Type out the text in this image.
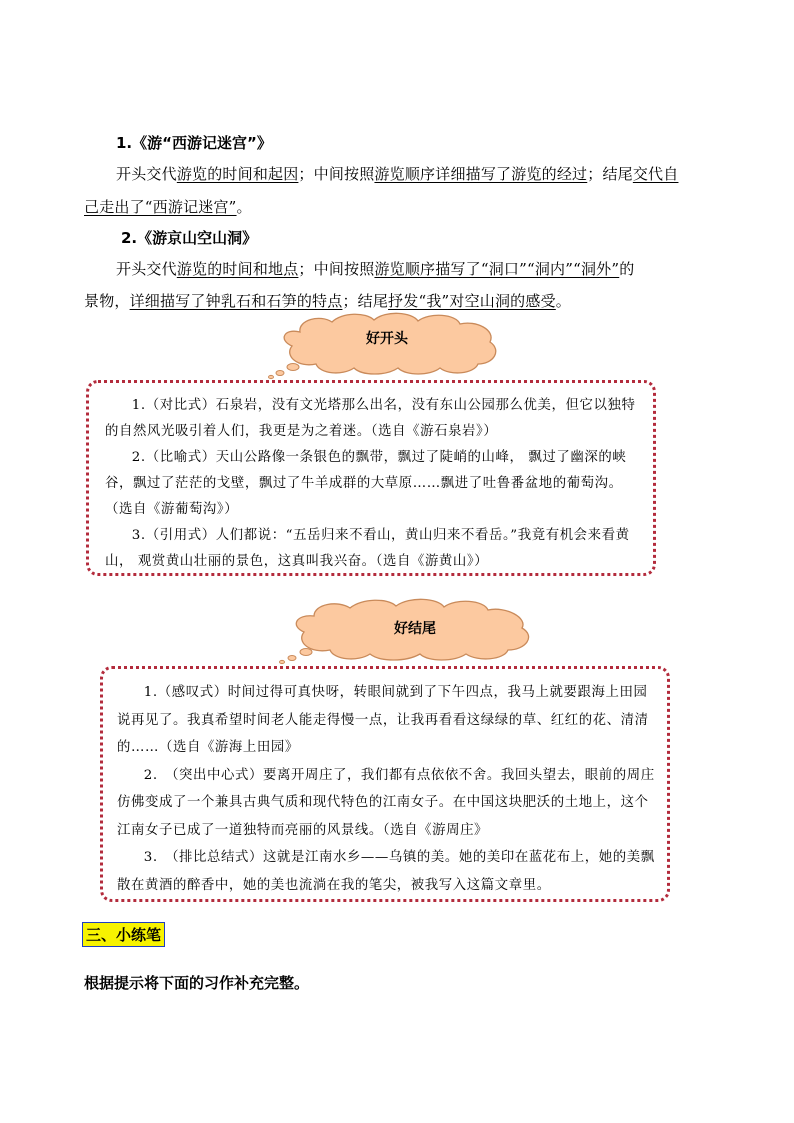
1.《游“西游记迷宫”》
开头交代游览的时间和起因；中间按照游览顺序详细描写了游览的经过；结尾交代自
己走出了“西游记迷宫”。
2.《游京山空山洞》
开头交代游览的时间和地点；中间按照游览顺序描写了“洞口”“洞内”“洞外”的
景物，详细描写了钟乳石和石笋的特点；结尾抒发“我”对空山洞的感受。
好开头

1.（对比式）石泉岩，没有文光塔那么出名，没有东山公园那么优美，但它以独特的自然风光吸引着人们，我更是为之着迷。（选自《游石泉岩》）

2.（比喻式）天山公路像一条银色的飘带，飘过了陡峭的山峰， 飘过了幽深的峡谷，飘过了茫茫的戈壁，飘过了牛羊成群的大草原……飘进了吐鲁番盆地的葡萄沟。（选自《游葡萄沟》）

3.（引用式）人们都说：“五岳归来不看山，黄山归来不看岳。”我竟有机会来看黄山， 观赏黄山壮丽的景色，这真叫我兴奋。（选自《游黄山》）

好结尾

1.（感叹式）时间过得可真快呀，转眼间就到了下午四点，我马上就要跟海上田园说再见了。我真希望时间老人能走得慢一点，让我再看看这绿绿的草、红红的花、清清的……（选自《游海上田园》

2.　（突出中心式）要离开周庄了，我们都有点依依不舍。我回头望去，眼前的周庄仿佛变成了一个兼具古典气质和现代特色的江南女子。在中国这块肥沃的土地上，这个江南女子已成了一道独特而亮丽的风景线。（选自《游周庄》

3.　（排比总结式）这就是江南水乡——乌镇的美。她的美印在蓝花布上，她的美飘散在黄酒的醉香中，她的美也流淌在我的笔尖，被我写入这篇文章里。

三、小练笔
根据提示将下面的习作补充完整。
